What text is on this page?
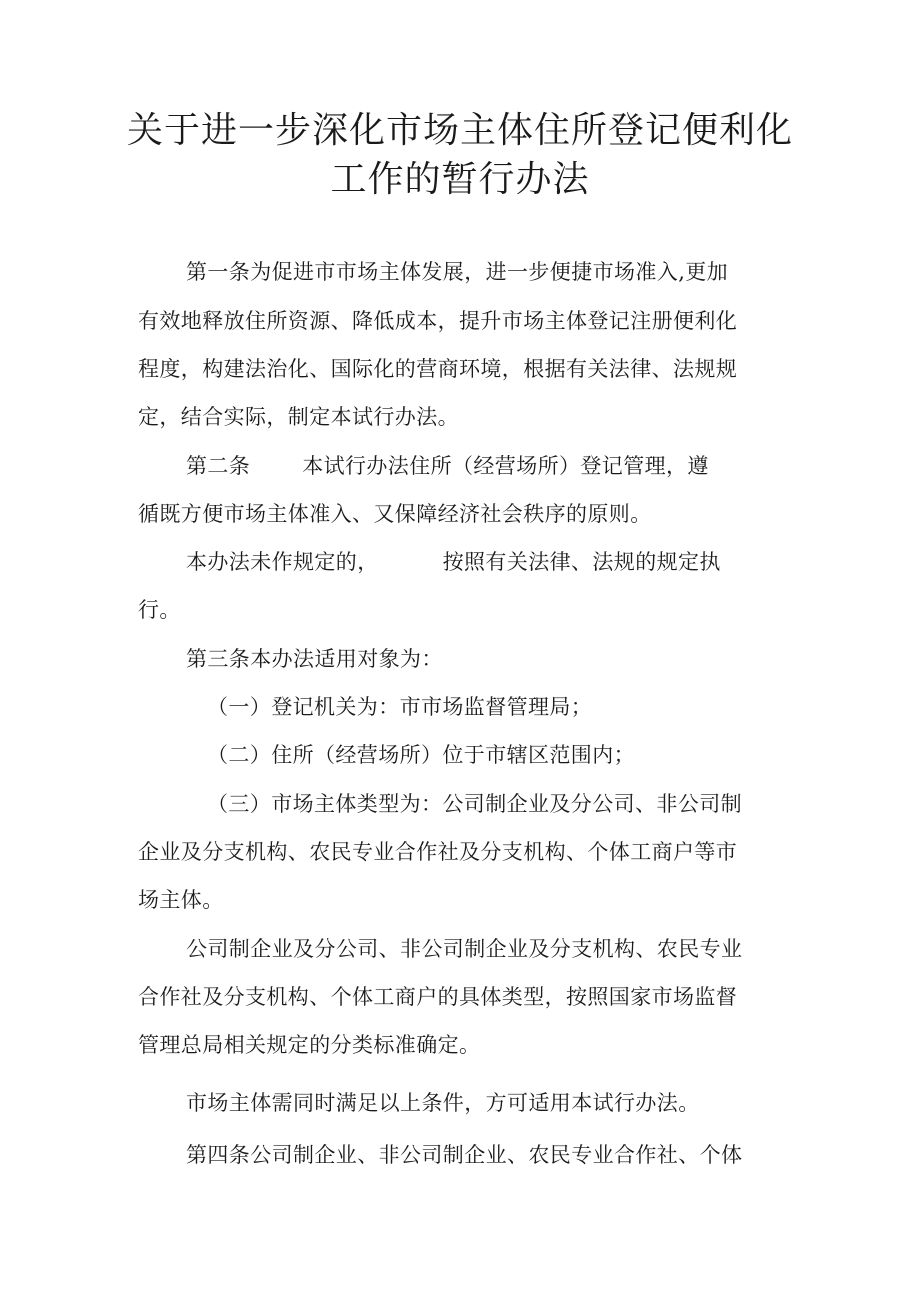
关于进一步深化市场主体住所登记便利化
工作的暂行办法
第一条为促进市市场主体发展，进一步便捷市场准入,更加
有效地释放住所资源、降低成本，提升市场主体登记注册便利化
程度，构建法治化、国际化的营商环境，根据有关法律、法规规
定，结合实际，制定本试行办法。
第二条 本试行办法住所（经营场所）登记管理，遵
循既方便市场主体准入、又保障经济社会秩序的原则。
本办法未作规定的，	按照有关法律、法规的规定执
行。
第三条本办法适用对象为：
（一）登记机关为：市市场监督管理局；
（二）住所（经营场所）位于市辖区范围内；
（三）市场主体类型为：公司制企业及分公司、非公司制
企业及分支机构、农民专业合作社及分支机构、个体工商户等市
场主体。
公司制企业及分公司、非公司制企业及分支机构、农民专业
合作社及分支机构、个体工商户的具体类型，按照国家市场监督
管理总局相关规定的分类标准确定。
市场主体需同时满足以上条件，方可适用本试行办法。
第四条公司制企业、非公司制企业、农民专业合作社、个体
